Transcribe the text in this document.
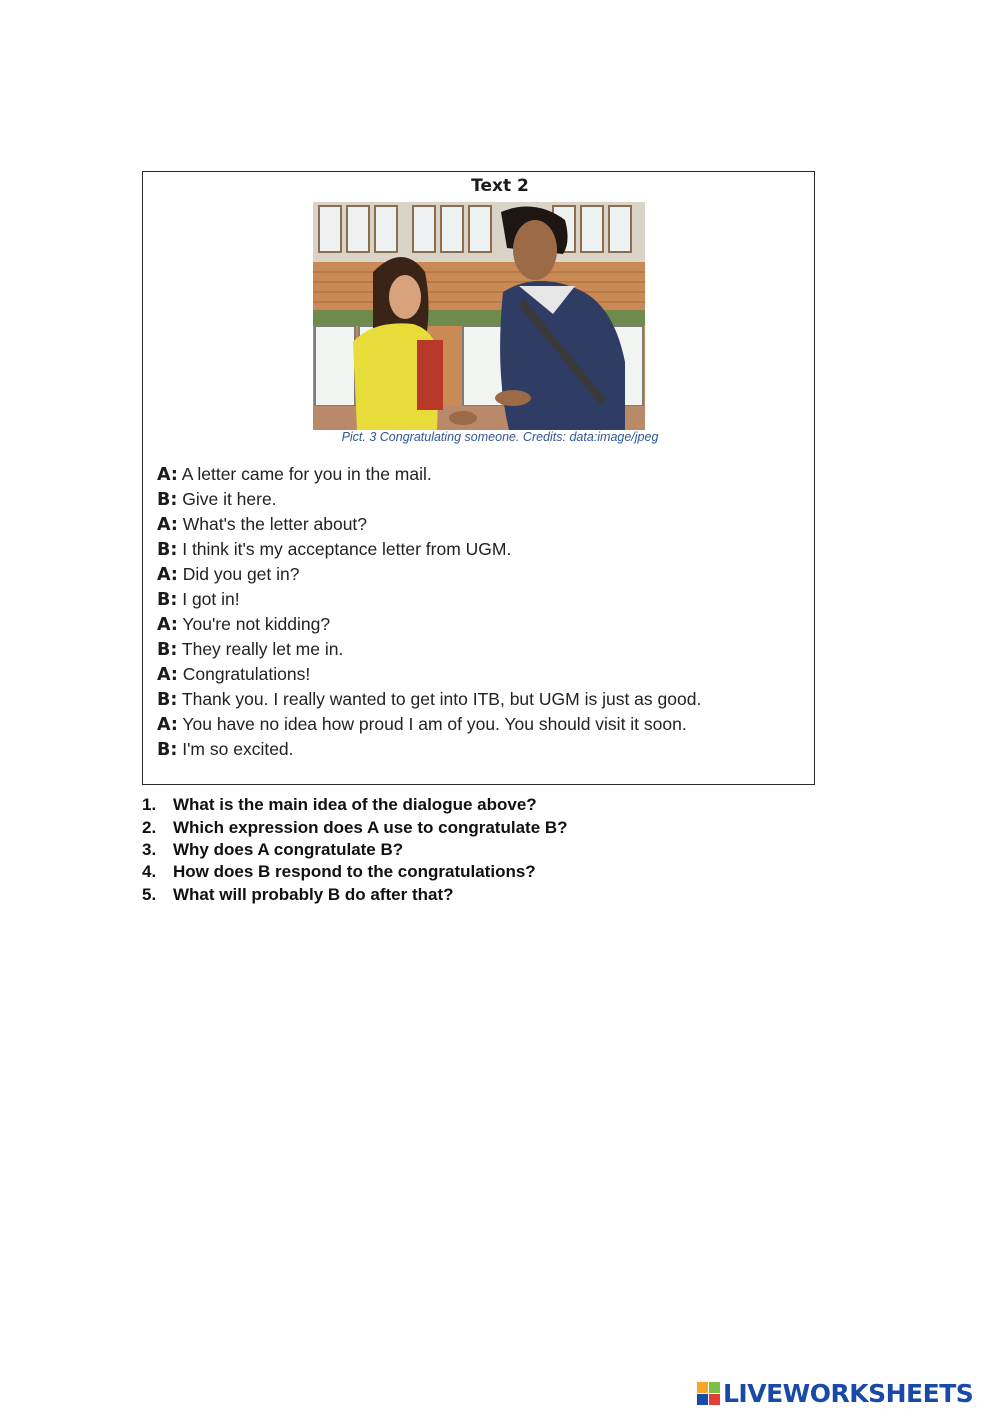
Text 2
Pict. 3 Congratulating someone. Credits: data:image/jpeg
A: A letter came for you in the mail.
B: Give it here.
A: What's the letter about?
B: I think it's my acceptance letter from UGM.
A: Did you get in?
B: I got in!
A: You're not kidding?
B: They really let me in.
A: Congratulations!
B: Thank you. I really wanted to get into ITB, but UGM is just as good.
A: You have no idea how proud I am of you. You should visit it soon.
B: I'm so excited.
1. What is the main idea of the dialogue above?
2. Which expression does A use to congratulate B?
3. Why does A congratulate B?
4. How does B respond to the congratulations?
5. What will probably B do after that?
LIVEWORKSHEETS
